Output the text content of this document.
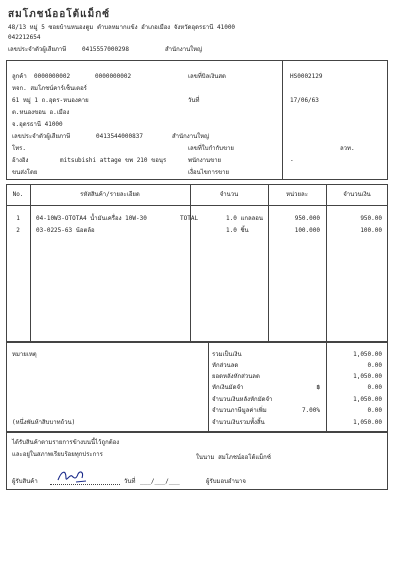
สมโภชน์ออโต้แม็กซ์
48/13 หมู่ 5 ซอยบ้านหนองตูม ตำบลหมากแข้ง อำเภอเมือง จังหวัดอุดรธานี 41000
042212654
เลขประจำตัวผู้เสียภาษี	0415557000298	สำนักงานใหญ่
ลูกค้า 0000000002	0000000002
หจก. สมโภชน์คาร์เซ็นเตอร์
61 หมู่ 1 ถ.อุดร-หนองคาย
ต.หนองขอน อ.เมือง
จ.อุดรธานี 41000
เลขประจำตัวผู้เสียภาษี	0413544000837	สำนักงานใหญ่
โทร.
อ้างอิง	mitsubishi attage ขพ 210 ขอนุร
ขนส่งโดย
เลขที่บิลเงินสด	HS0002129
วันที่	17/06/63
เลขที่ใบกำกับขาย	ลวท.
พนักงานขาย	-
เงื่อนไขการขาย
No.	รหัสสินค้า/รายละเอียด	จำนวน	หน่วยละ	จำนวนเงิน
1	04-10W3-OTOTA4 น้ำมันเครื่อง 10W-30	TOTAL	1.0 แกลลอน	950.000	950.00
2	03-0225-63 น้อตล้อ	1.0 ชิ้น	100.000	100.00
หมายเหตุ
(หนึ่งพันห้าสิบบาทถ้วน)
รวมเป็นเงิน	1,050.00
หักส่วนลด	0.00
ยอดหลังหักส่วนลด	1,050.00
หักเงินมัดจำ	฿	0.00
จำนวนเงินหลังหักมัดจำ	1,050.00
จำนวนภาษีมูลค่าเพิ่ม	7.00%	0.00
จำนวนเงินรวมทั้งสิ้น	1,050.00
ได้รับสินค้าตามรายการข้างบนนี้ไว้ถูกต้อง
และอยู่ในสภาพเรียบร้อยทุกประการ	ในนาม สมโภชน์ออโต้แม็กซ์
ผู้รับสินค้า	วันที่ ___/___/___	ผู้รับมอบอำนาจ
